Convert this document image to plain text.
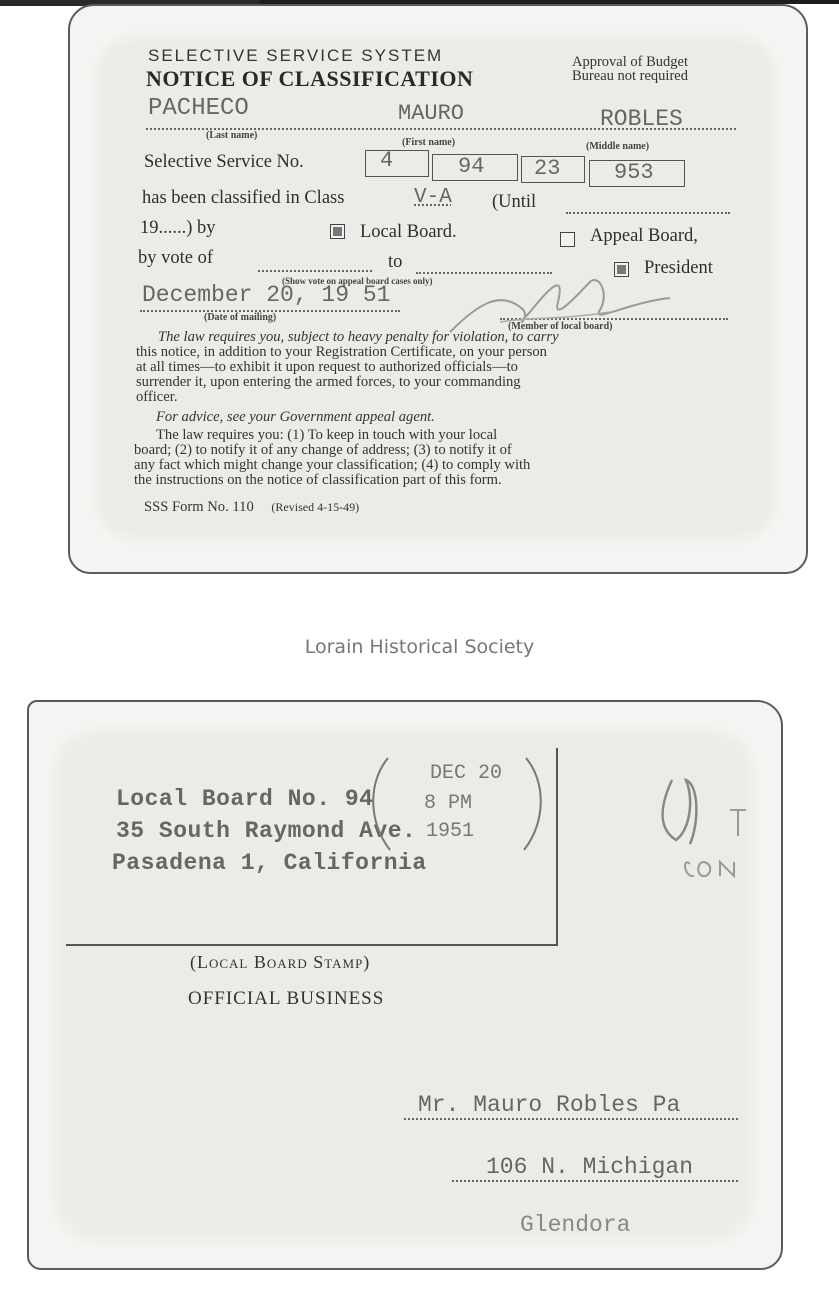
SELECTIVE SERVICE SYSTEM
NOTICE OF CLASSIFICATION
Approval of Budget
Bureau not required
PACHECO	MAURO	ROBLES
(Last name)
(First name)	(Middle name)
Selective Service No.	4	94 23 953
has been classified in Class	V-A (Until
19......) by	Local Board.	Appeal Board,
by vote of	to	President
(Show vote on appeal board cases only)
December 20, 19 51
(Date of mailing)
(Member of local board)
The law requires you, subject to heavy penalty for violation, to carry
this notice, in addition to your Registration Certificate, on your person
at all times—to exhibit it upon request to authorized officials—to
surrender it, upon entering the armed forces, to your commanding
officer.
For advice, see your Government appeal agent.
The law requires you: (1) To keep in touch with your local
board; (2) to notify it of any change of address; (3) to notify it of
any fact which might change your classification; (4) to comply with
the instructions on the notice of classification part of this form.
SSS Form No. 110 (Revised 4-15-49)
Lorain Historical Society
Local Board No. 94
35 South Raymond Ave.
Pasadena 1, California
DEC 20
8 PM
1951
(Local Board Stamp)
OFFICIAL BUSINESS
Mr. Mauro Robles Pa
106 N. Michigan
Glendora
